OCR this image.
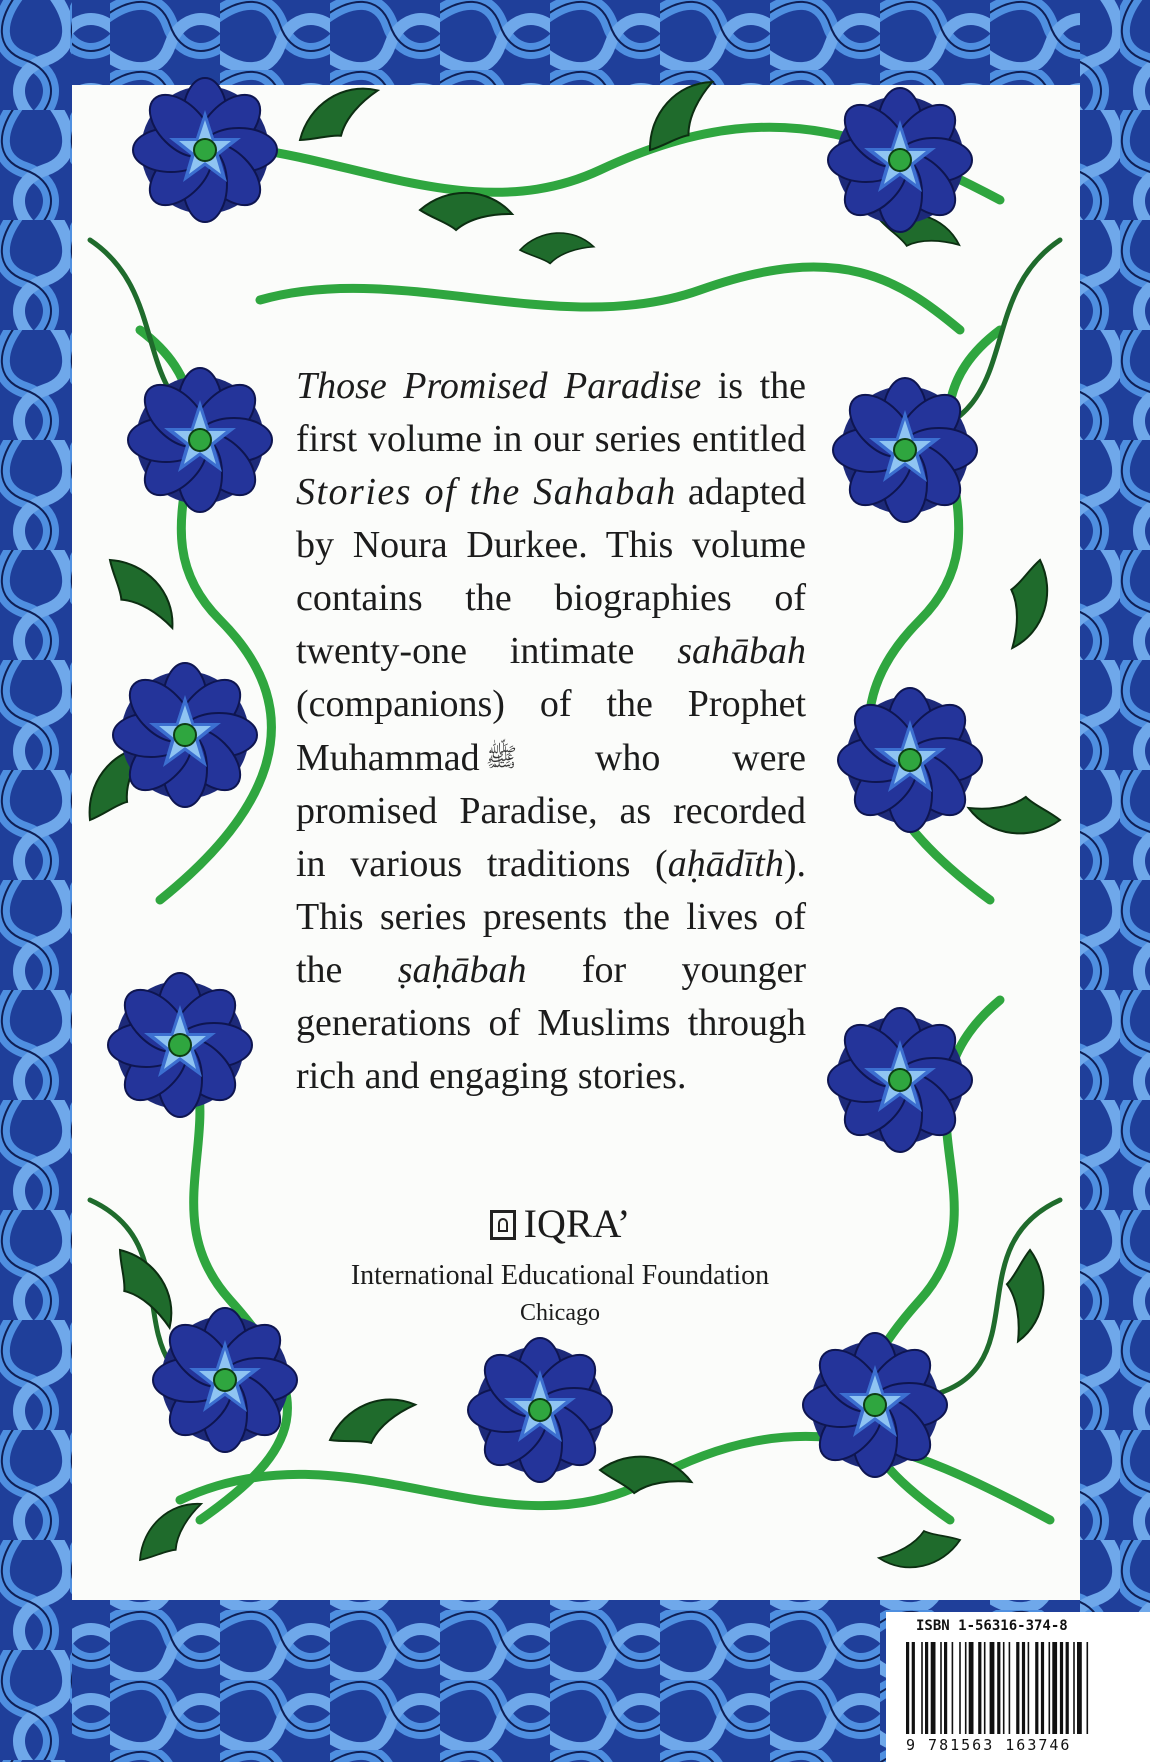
Those Promised Paradise is the first volume in our series entitled Stories of the Sahabah adapted by Noura Durkee. This volume contains the biographies of twenty-one intimate sahābah (companions) of the Prophet Muhammad ﷺ who were promised Paradise, as recorded in various traditions (aḥādīth). This series presents the lives of the ṣaḥābah for younger generations of Muslims through rich and engaging stories.

IQRA’
International Educational Foundation
Chicago
ISBN 1-56316-374-8
9 781563 163746
